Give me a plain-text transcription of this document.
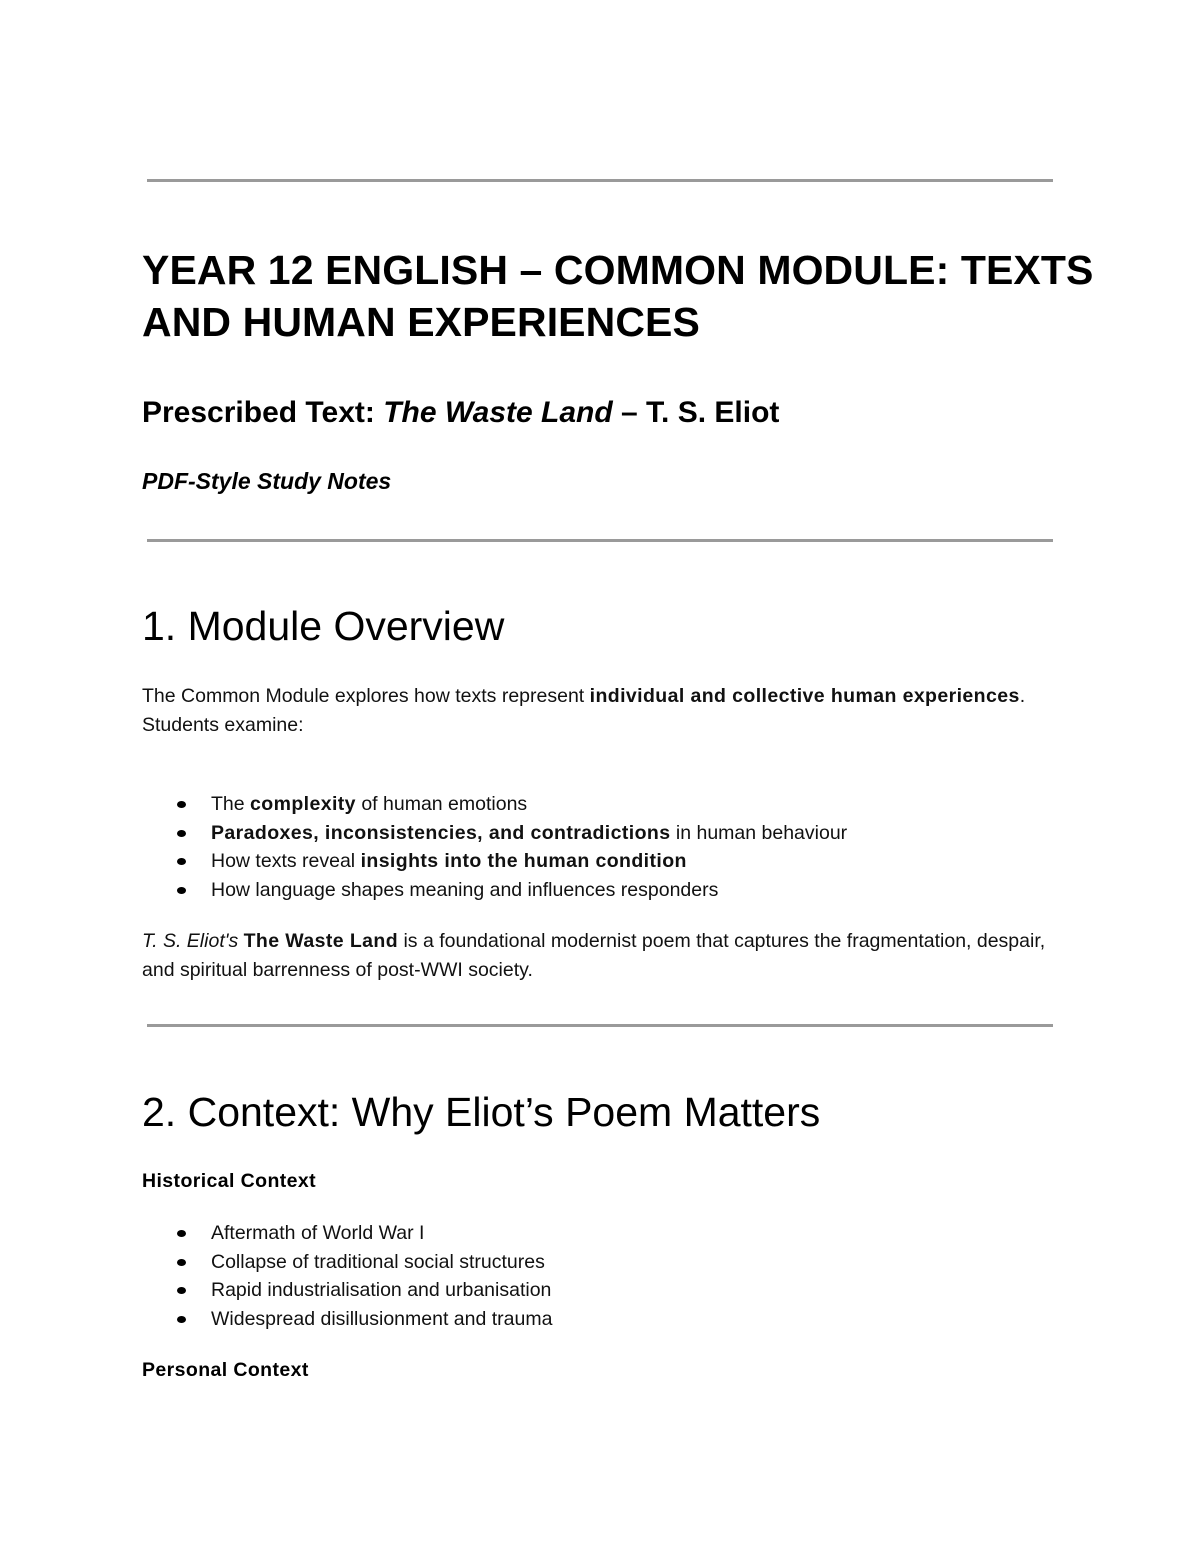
YEAR 12 ENGLISH – COMMON MODULE: TEXTS AND HUMAN EXPERIENCES

Prescribed Text: The Waste Land – T. S. Eliot

PDF-Style Study Notes

1. Module Overview

The Common Module explores how texts represent individual and collective human experiences.
Students examine:

The complexity of human emotions
Paradoxes, inconsistencies, and contradictions in human behaviour
How texts reveal insights into the human condition
How language shapes meaning and influences responders

T. S. Eliot's The Waste Land is a foundational modernist poem that captures the fragmentation, despair, and spiritual barrenness of post-WWI society.

2. Context: Why Eliot’s Poem Matters

Historical Context

Aftermath of World War I
Collapse of traditional social structures
Rapid industrialisation and urbanisation
Widespread disillusionment and trauma

Personal Context
